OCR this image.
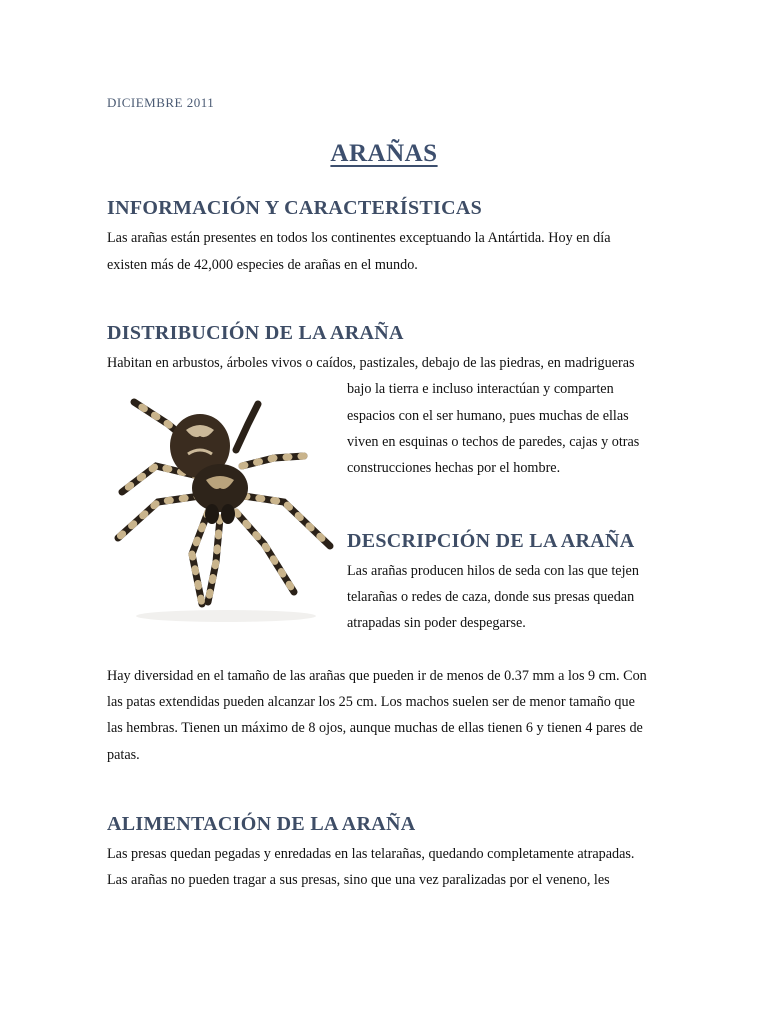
DICIEMBRE 2011
ARAÑAS
INFORMACIÓN Y CARACTERÍSTICAS

Las arañas están presentes en todos los continentes exceptuando la Antártida. Hoy en día

existen más de 42,000 especies de arañas en el mundo.

DISTRIBUCIÓN DE LA ARAÑA

Habitan en arbustos, árboles vivos o caídos, pastizales, debajo de las piedras, en madrigueras

bajo la tierra e incluso interactúan y comparten

espacios con el ser humano, pues muchas de ellas

viven en esquinas o techos de paredes, cajas y otras

construcciones hechas por el hombre.

DESCRIPCIÓN DE LA ARAÑA

Las arañas producen hilos de seda con las que tejen

telarañas o redes de caza, donde sus presas quedan

atrapadas sin poder despegarse.

Hay diversidad en el tamaño de las arañas que pueden ir de menos de 0.37 mm a los 9 cm. Con

las patas extendidas pueden alcanzar los 25 cm. Los machos suelen ser de menor tamaño que

las hembras. Tienen un máximo de 8 ojos, aunque muchas de ellas tienen 6 y tienen 4 pares de

patas.

ALIMENTACIÓN DE LA ARAÑA

Las presas quedan pegadas y enredadas en las telarañas, quedando completamente atrapadas.

Las arañas no pueden tragar a sus presas, sino que una vez paralizadas por el veneno, les
